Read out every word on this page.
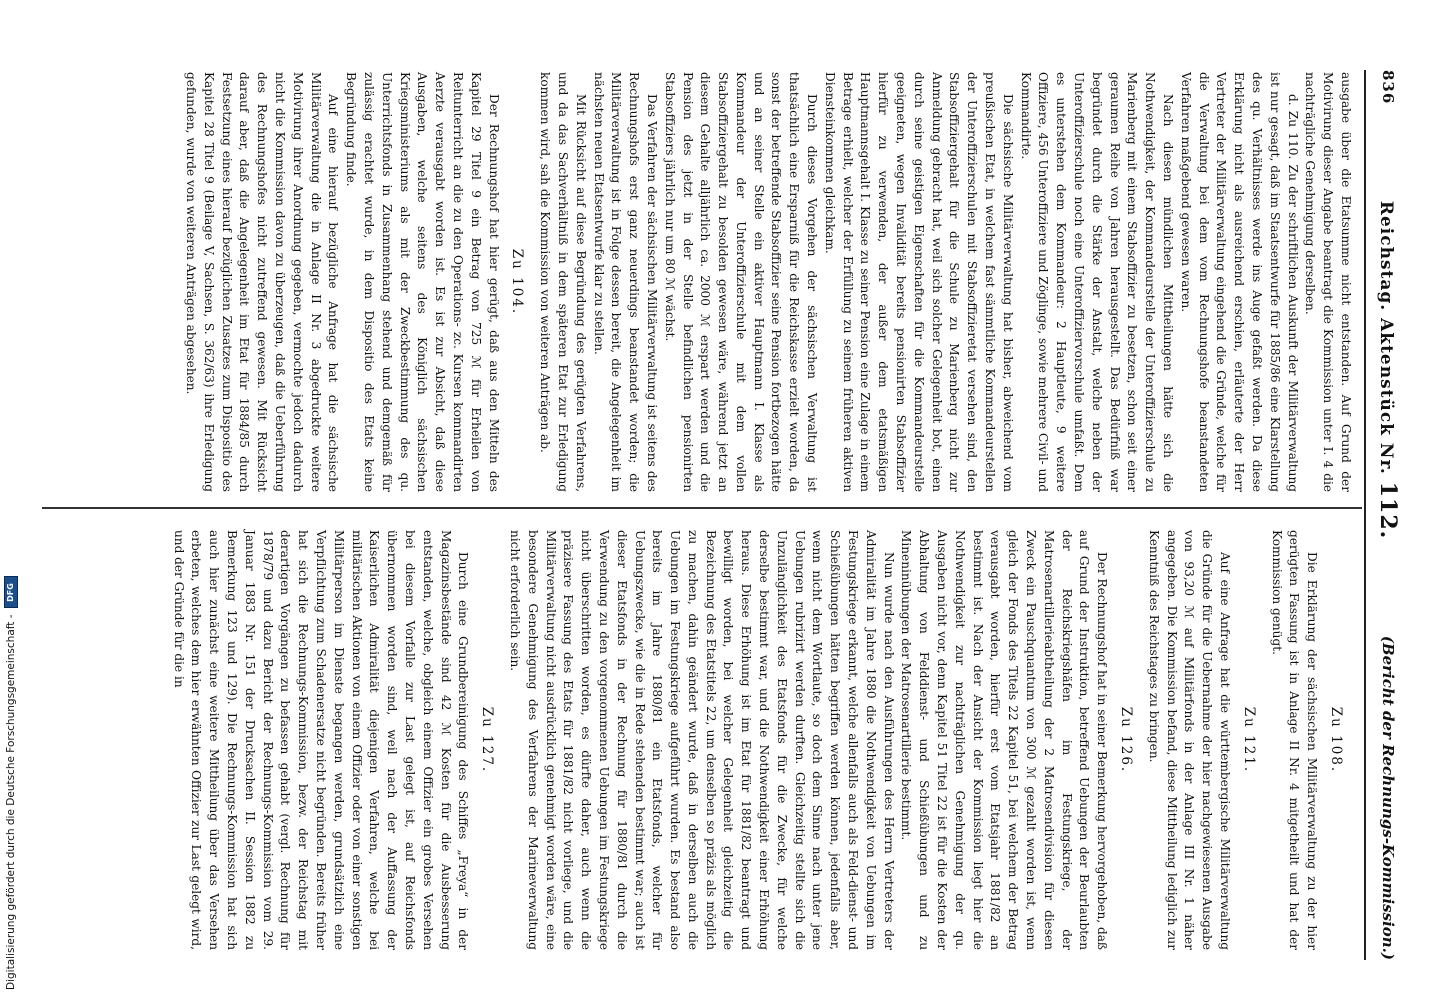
836
Reichstag. Aktenstück Nr. 112.
(Bericht der Rechnungs-Kommission.)

ausgabe über die Etatsumme nicht entstanden. Auf Grund der Motivirung dieser Angabe beantragt die Kommission unter I. 4 die nachträgliche Genehmigung derselben.

d. Zu 110. Zu der schriftlichen Auskunft der Militärverwaltung ist nur gesagt, daß im Staatsentwurfe für 1885/86 eine Klarstellung des qu. Verhältnisses werde ins Auge gefaßt werden. Da diese Erklärung nicht als ausreichend erschien, erläuterte der Herr Vertreter der Militärverwaltung eingehend die Gründe, welche für die Verwaltung bei dem vom Rechnungshofe beanstandeten Verfahren maßgebend gewesen waren.

Nach diesen mündlichen Mittheilungen hätte sich die Nothwendigkeit, der Kommandeurstelle der Unteroffizierschule zu Marienberg mit einem Stabsoffizier zu besetzen, schon seit einer geraumen Reihe von Jahren herausgestellt. Das Bedürfniß war begründet durch die Stärke der Anstalt, welche neben der Unteroffizierschule noch eine Unteroffiziervorschule umfaßt. Dem es unterstehen dem Kommandeur: 2 Hauptleute, 9 weitere Offiziere, 456 Unteroffiziere und Zöglinge, sowie mehrere Civil- und Kommandirte.

Die sächsische Militärverwaltung hat bisher, abweichend vom preußischen Etat, in welchem fast sämmtliche Kommandeurstellen der Unteroffizierschulen mit Stabsoffizieretat versehen sind, den Stabsoffiziergehalt für die Schule zu Marienberg nicht zur Anmeldung gebracht hat, weil sich solcher Gelegenheit bot, einen durch seine geistigen Eigenschaften für die Kommandeurstelle geeigneten, wegen Invalidität bereits pensionirten Stabsoffizier hierfür zu verwenden, der außer dem etatsmäßigen Hauptmannsgehalt I. Klasse zu seiner Pension eine Zulage in einem Betrage erhielt, welcher der Erfüllung zu seinem früheren aktiven Diensteinkommen gleichkam.

Durch dieses Vorgehen der sächsischen Verwaltung ist thatsächlich eine Ersparniß für die Reichskasse erzielt worden, da sonst der betreffende Stabsoffizier seine Pension fortbezogen hätte und an seiner Stelle ein aktiver Hauptmann I. Klasse als Kommandeur der Unteroffizierschule mit dem vollen Stabsoffiziergehalt zu besolden gewesen wäre, während jetzt an diesem Gehalte alljährlich ca. 2000 ℳ erspart werden und die Pension des jetzt in der Stelle befindlichen pensionirten Stabsoffiziers jährlich nur um 80 ℳ wächst.

Das Verfahren der sächsischen Militärverwaltung ist seitens des Rechnungshofs erst ganz neuerdings beanstandet worden; die Militärverwaltung ist in Folge dessen bereit, die Angelegenheit im nächsten neuen Etatsentwurfe klar zu stellen.

Mit Rücksicht auf diese Begründung des gerügten Verfahrens, und da das Sachverhältniß in dem späteren Etat zur Erledigung kommen wird, sah die Kommission von weiteren Anträgen ab.

Zu 104.

Der Rechnungshof hat hier gerügt, daß aus den Mitteln des Kapitel 29 Titel 9 ein Betrag von 725 ℳ für Erheilen von Reitunterricht an die zu den Operations- zc. Kursen kommandirten Aerzte verausgabt worden ist. Es ist zur Absicht, daß diese Ausgaben, welche seitens des Königlich sächsischen Kriegsministeriums als mit der Zweckbestimmung des qu. Unterrichtsfonds in Zusammenhang stehend und demgemäß für zulässig erachtet wurde, in dem Dispositio des Etats keine Begründung finde.

Auf eine hierauf bezügliche Anfrage hat die sächsische Militärverwaltung die in Anlage II Nr. 3 abgedruckte weitere Motivirung ihrer Anordnung gegeben, vermochte jedoch dadurch nicht die Kommission davon zu überzeugen, daß die Ueberführung des Rechnungshofes nicht zutreffend gewesen. Mit Rücksicht darauf aber, daß die Angelegenheit im Etat für 1884/85 durch Festsetzung eines hierauf bezüglichen Zusatzes zum Dispositio des Kapitel 28 Titel 9 (Beilage V, Sachsen, S. 362/63) ihre Erledigung gefunden, wurde von weiteren Anträgen abgesehen.

Zu 108.

Die Erklärung der sächsischen Militärverwaltung zu der hier gerügten Fassung ist in Anlage II Nr. 4 mitgetheilt und hat der Kommission genügt.

Zu 121.

Auf eine Anfrage hat die württembergische Militärverwaltung die Gründe für die Uebernahme der hier nachgewiesenen Ausgabe von 93,20 ℳ auf Militärfonds in der Anlage III Nr. 1 näher angegeben. Die Kommission befand, diese Mittheilung lediglich zur Kenntniß des Reichstages zu bringen.

Zu 126.

Der Rechnungshof hat in seiner Bemerkung hervorgehoben, daß auf Grund der Instruktion, betreffend Uebungen der Beurlaubten der Reichskriegshäfen im Festungskriege, der Matrosenartillerieabtheilung der 2 Matrosendivision für diesen Zweck ein Pauschquantum von 300 ℳ gezahlt worden ist, wenn gleich der Fonds des Titels 22 Kapitel 51, bei welchem der Betrag verausgabt worden, hierfür erst vom Etatsjahr 1881/82 an bestimmt ist. Nach der Ansicht der Kommission liegt hier die Nothwendigkeit zur nachträglichen Genehmigung der qu. Ausgaben nicht vor, denn Kapitel 51 Titel 22 ist für die Kosten der Abhaltung von Felddienst- und Schießübungen und zu Mineninübungen der Matrosenartillerie bestimmt.

Nun wurde nach den Ausführungen des Herrn Vertreters der Admiralität im Jahre 1880 die Nothwendigkeit von Uebungen im Festungskriege erkannt, welche allenfalls auch als Feld-dienst- und Schießübungen hätten begriffen werden können, jedenfalls aber, wenn nicht dem Wortlaute, so doch dem Sinne nach unter jene Uebungen rubrizirt werden durften. Gleichzeitig stellte sich die Unzulänglichkeit des Etatsfonds für die Zwecke, für welche derselbe bestimmt war, und die Nothwendigkeit einer Erhöhung heraus. Diese Erhöhung ist im Etat für 1881/82 beantragt und bewilligt worden, bei welcher Gelegenheit gleichzeitig die Bezeichnung des Etatstitels 22, um denselben so präzis als möglich zu machen, dahin geändert wurde, daß in derselben auch die Uebungen im Festungskriege aufgeführt wurden. Es bestand also bereits im Jahre 1880/81 ein Etatsfonds, welcher für Uebungszwecke, wie die in Rede stehenden bestimmt war; auch ist dieser Etatsfonds in der Rechnung für 1880/81 durch die Verwendung zu den vorgenommenen Uebungen im Festungskriege nicht überschritten worden, es dürfte daher, auch wenn die präzisere Fassung des Etats für 1881/82 nicht vorliege, und die Militärverwaltung nicht ausdrücklich genehmigt worden wäre, eine besondere Genehmigung des Verfahrens der Marineverwaltung nicht erforderlich sein.

Zu 127.

Durch eine Grundbereinigung des Schiffes „Freya“ in der Magazinsbestände sind 42 ℳ Kosten für die Ausbesserung entstanden, welche, obgleich einem Offizier ein grobes Versehen bei diesem Vorfalle zur Last gelegt ist, auf Reichsfonds übernommen worden sind, weil nach der Auffassung der Kaiserlichen Admiralität diejenigen Verfahren, welche bei militärischen Aktionen von einem Offizier oder von einer sonstigen Militärperson im Dienste begangen werden, grundsätzlich eine Verpflichtung zum Schadenersatze nicht begründen. Bereits früher hat sich die Rechnungs-Kommission, bezw. der Reichstag mit derartigen Vorgängen zu befassen gehabt (vergl. Rechnung für 1878/79 und dazu Bericht der Rechnungs-Kommission vom 29. Januar 1883 Nr. 151 der Drucksachen II. Session 1882 zu Bemerkung 123 und 129). Die Rechnungs-Kommission hat sich auch hier zunächst eine weitere Mittheilung über das Versehen erbeten, welches dem hier erwähnten Offizier zur Last gelegt wird, und der Gründe für die in

Digitalisierung gefördert durch die Deutsche Forschungsgemeinschaft -
DFG
